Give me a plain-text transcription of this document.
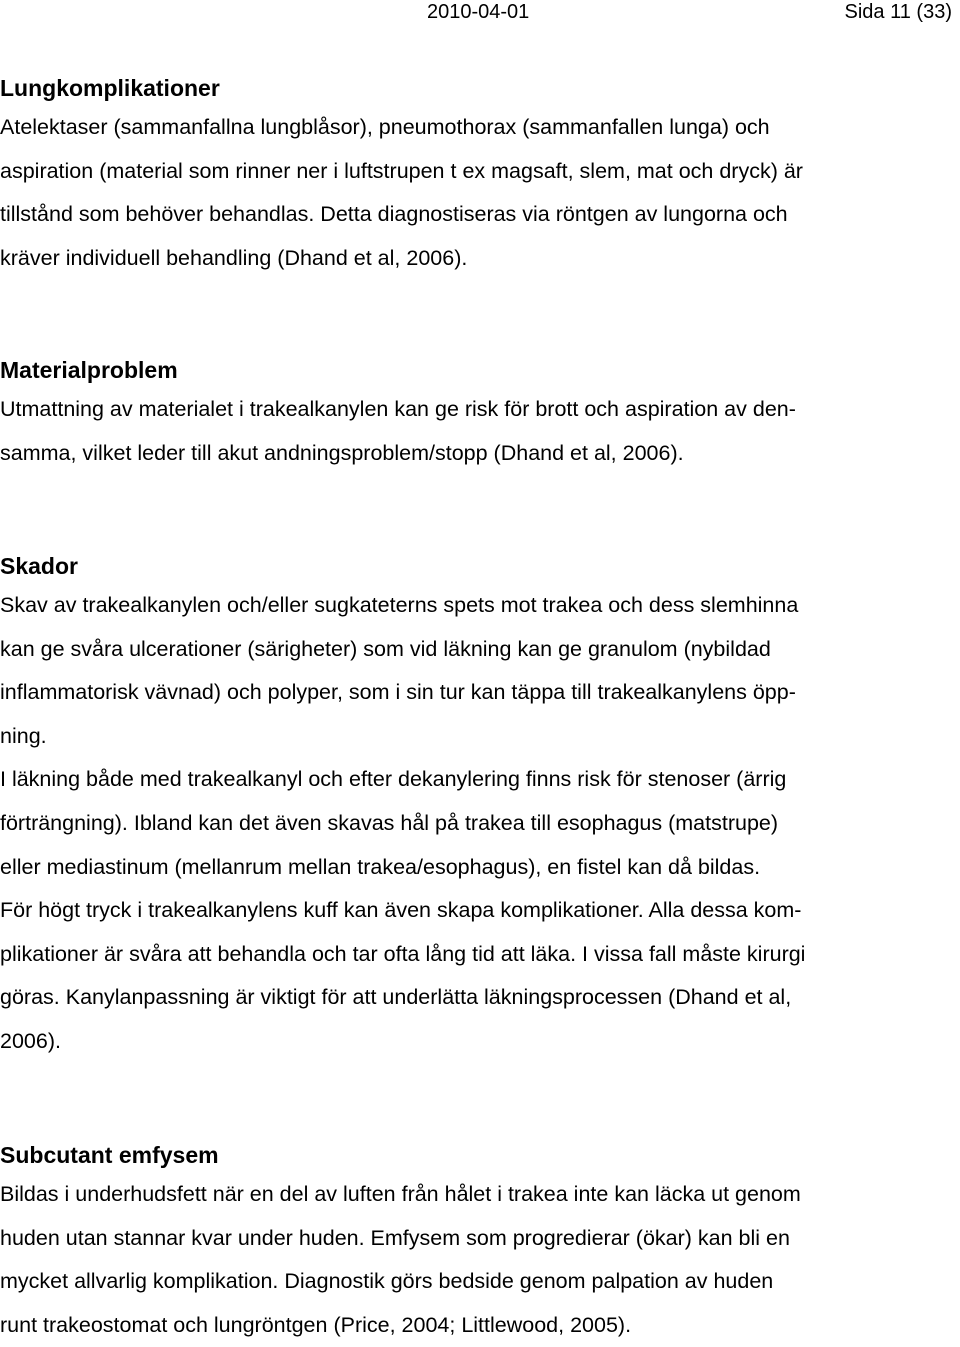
2010-04-01	Sida 11 (33)
Lungkomplikationer

Atelektaser (sammanfallna lungblåsor), pneumothorax (sammanfallen lunga) och
aspiration (material som rinner ner i luftstrupen t ex magsaft, slem, mat och dryck) är
tillstånd som behöver behandlas. Detta diagnostiseras via röntgen av lungorna och
kräver individuell behandling (Dhand et al, 2006).

Materialproblem

Utmattning av materialet i trakealkanylen kan ge risk för brott och aspiration av den-
samma, vilket leder till akut andningsproblem/stopp (Dhand et al, 2006).

Skador

Skav av trakealkanylen och/eller sugkateterns spets mot trakea och dess slemhinna
kan ge svåra ulcerationer (särigheter) som vid läkning kan ge granulom (nybildad
inflammatorisk vävnad) och polyper, som i sin tur kan täppa till trakealkanylens öpp-
ning.
I läkning både med trakealkanyl och efter dekanylering finns risk för stenoser (ärrig
förträngning). Ibland kan det även skavas hål på trakea till esophagus (matstrupe)
eller mediastinum (mellanrum mellan trakea/esophagus), en fistel kan då bildas.
För högt tryck i trakealkanylens kuff kan även skapa komplikationer. Alla dessa kom-
plikationer är svåra att behandla och tar ofta lång tid att läka. I vissa fall måste kirurgi
göras. Kanylanpassning är viktigt för att underlätta läkningsprocessen (Dhand et al,
2006).

Subcutant emfysem

Bildas i underhudsfett när en del av luften från hålet i trakea inte kan läcka ut genom
huden utan stannar kvar under huden. Emfysem som progredierar (ökar) kan bli en
mycket allvarlig komplikation. Diagnostik görs bedside genom palpation av huden
runt trakeostomat och lungröntgen (Price, 2004; Littlewood, 2005).
